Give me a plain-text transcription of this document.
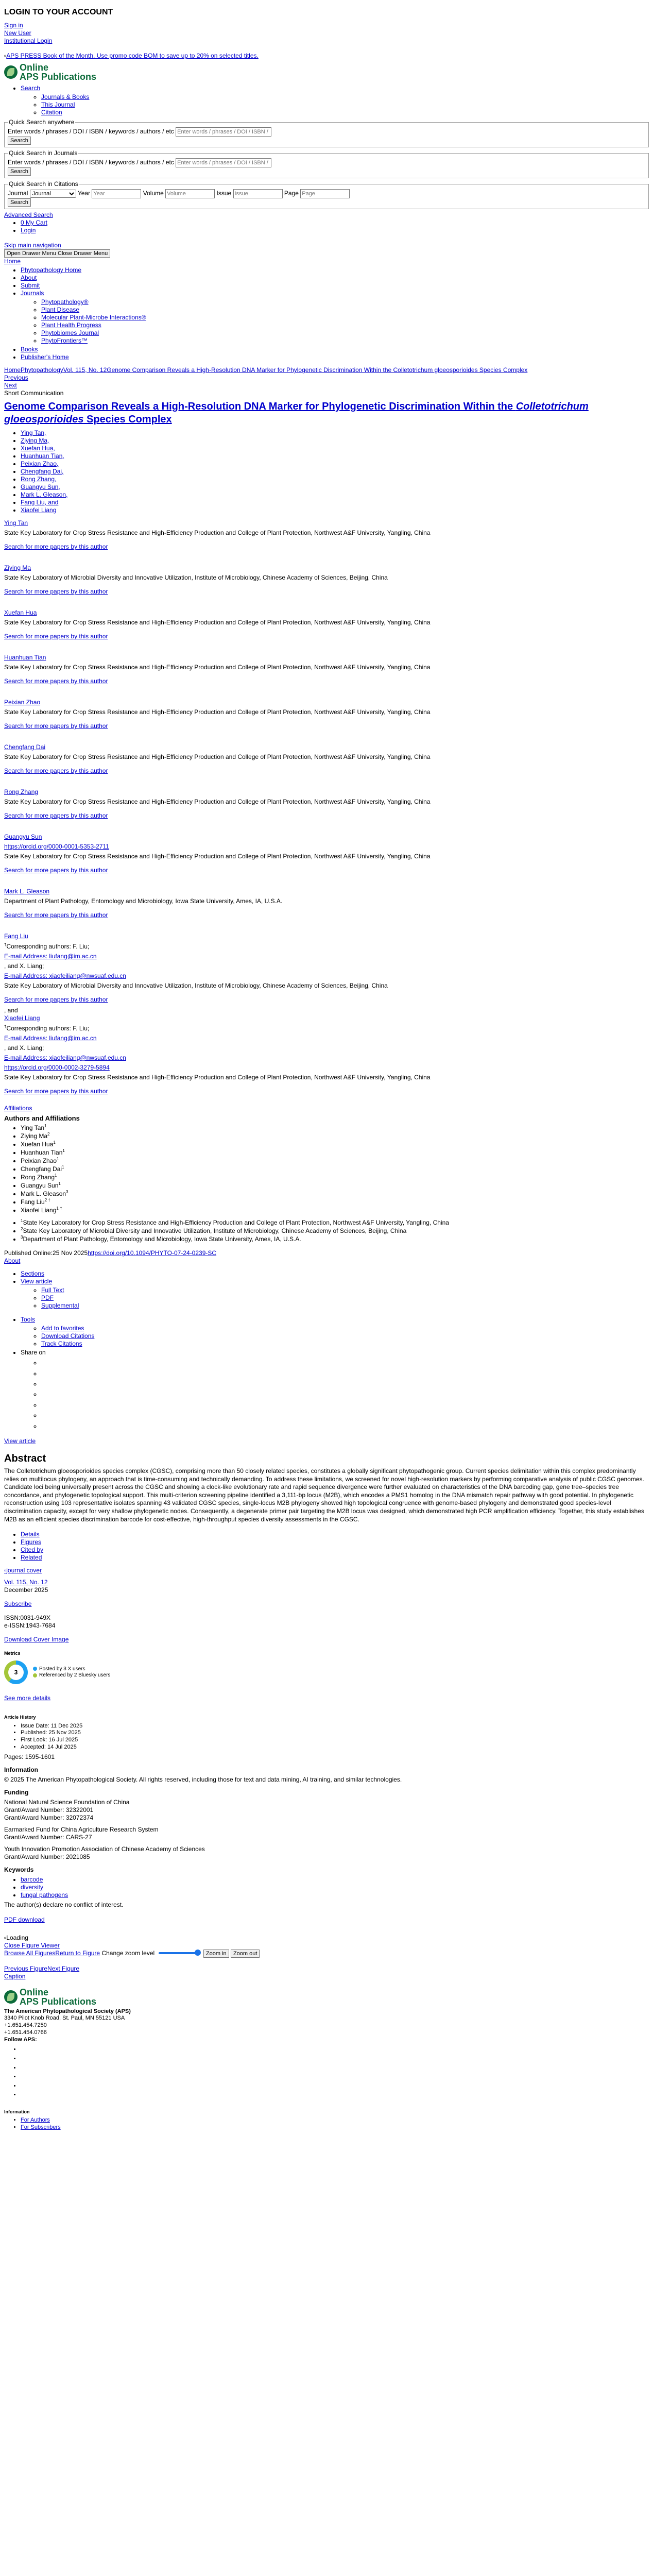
LOGIN TO YOUR ACCOUNT
Sign in
New User
Institutional Login
▫APS PRESS Book of the Month. Use promo code BOM to save up to 20% on selected titles.
Online
APS Publications
• Search
◦ Journals & Books
◦ This Journal
◦ Citation
Quick Search anywhere
Enter words / phrases / DOI / ISBN / keywords / authors / etc Enter words / phrases / DOI / ISBN / keywords / authors / etc
Search
Quick Search in Journals
Enter words / phrases / DOI / ISBN / keywords / authors / etc Enter words / phrases / DOI / ISBN / keywords / authors / etc
Search
Quick Search in Citations
Journal
Journal	Year Year	Volume Volume	Issue Issue	Page Page
Search
Advanced Search
• 0 My Cart
• Login
Skip main navigation
Open Drawer Menu Close Drawer Menu
Home
• Phytopathology Home
• About
• Submit
• Journals
◦ Phytopathology®
◦ Plant Disease
◦ Molecular Plant-Microbe Interactions®
◦ Plant Health Progress
◦ Phytobiomes Journal
◦ PhytoFrontiers™
• Books
• Publisher's Home
HomePhytopathologyVol. 115, No. 12Genome Comparison Reveals a High-Resolution DNA Marker for Phylogenetic Discrimination Within the Colletotrichum gloeosporioides Species Complex
Previous
Next
Short Communication
Genome Comparison Reveals a High-Resolution DNA Marker for Phylogenetic Discrimination Within the Colletotrichum gloeosporioides Species Complex
• Ying Tan,
• Ziying Ma,
• Xuefan Hua,
• Huanhuan Tian,
• Peixian Zhao,
• Chengfang Dai,
• Rong Zhang,
• Guangyu Sun,
• Mark L. Gleason,
• Fang Liu, and
• Xiaofei Liang
Ying Tan

State Key Laboratory for Crop Stress Resistance and High-Efficiency Production and College of Plant Protection, Northwest A&F University, Yangling, China

Search for more papers by this author
Ziying Ma

State Key Laboratory of Microbial Diversity and Innovative Utilization, Institute of Microbiology, Chinese Academy of Sciences, Beijing, China

Search for more papers by this author
Xuefan Hua

State Key Laboratory for Crop Stress Resistance and High-Efficiency Production and College of Plant Protection, Northwest A&F University, Yangling, China

Search for more papers by this author
Huanhuan Tian

State Key Laboratory for Crop Stress Resistance and High-Efficiency Production and College of Plant Protection, Northwest A&F University, Yangling, China

Search for more papers by this author
Peixian Zhao

State Key Laboratory for Crop Stress Resistance and High-Efficiency Production and College of Plant Protection, Northwest A&F University, Yangling, China

Search for more papers by this author
Chengfang Dai

State Key Laboratory for Crop Stress Resistance and High-Efficiency Production and College of Plant Protection, Northwest A&F University, Yangling, China

Search for more papers by this author
Rong Zhang

State Key Laboratory for Crop Stress Resistance and High-Efficiency Production and College of Plant Protection, Northwest A&F University, Yangling, China

Search for more papers by this author
Guangyu Sun

https://orcid.org/0000-0001-5353-2711

State Key Laboratory for Crop Stress Resistance and High-Efficiency Production and College of Plant Protection, Northwest A&F University, Yangling, China

Search for more papers by this author
Mark L. Gleason

Department of Plant Pathology, Entomology and Microbiology, Iowa State University, Ames, IA, U.S.A.

Search for more papers by this author
Fang Liu

†Corresponding authors: F. Liu;

E-mail Address: liufang@im.ac.cn

, and X. Liang;

E-mail Address: xiaofeiliang@nwsuaf.edu.cn

State Key Laboratory of Microbial Diversity and Innovative Utilization, Institute of Microbiology, Chinese Academy of Sciences, Beijing, China

Search for more papers by this author

, and

Xiaofei Liang

†Corresponding authors: F. Liu;

E-mail Address: liufang@im.ac.cn

, and X. Liang;

E-mail Address: xiaofeiliang@nwsuaf.edu.cn

https://orcid.org/0000-0002-3279-5894

State Key Laboratory for Crop Stress Resistance and High-Efficiency Production and College of Plant Protection, Northwest A&F University, Yangling, China

Search for more papers by this author
Affiliations
Authors and Affiliations
• Ying Tan$^1$
• Ziying Ma$^2$
• Xuefan Hua$^1$
• Huanhuan Tian$^1$
• Peixian Zhao$^1$
• Chengfang Dai$^1$
• Rong Zhang$^1$
• Guangyu Sun$^1$
• Mark L. Gleason$^3$
• Fang Liu$^{2 \dagger}$
• Xiaofei Liang$^{1 \dagger}$
• $^1$State Key Laboratory for Crop Stress Resistance and High-Efficiency Production and College of Plant Protection, Northwest A&F University, Yangling, China
• $^2$State Key Laboratory of Microbial Diversity and Innovative Utilization, Institute of Microbiology, Chinese Academy of Sciences, Beijing, China
• $^3$Department of Plant Pathology, Entomology and Microbiology, Iowa State University, Ames, IA, U.S.A.
Published Online:25 Nov 2025https://doi.org/10.1094/PHYTO-07-24-0239-SC
About
• Sections
• View article
◦ Full Text
◦ PDF
◦ Supplemental
• Tools
◦ Add to favorites
◦ Download Citations
◦ Track Citations
• Share on
◦
◦
◦
◦
◦
◦
◦
View article
Abstract

The Colletotrichum gloeosporioides species complex (CGSC), comprising more than 50 closely related species, constitutes a globally significant phytopathogenic group. Current species delimitation within this complex predominantly relies on multilocus phylogeny, an approach that is time-consuming and technically demanding. To address these limitations, we screened for novel high-resolution markers by performing comparative analysis of public CGSC genomes. Candidate loci being universally present across the CGSC and showing a clock-like evolutionary rate and rapid sequence divergence were further evaluated on characteristics of the DNA barcoding gap, gene tree–species tree concordance, and phylogenetic topological support. This multi-criterion screening pipeline identified a 3,111-bp locus (M2B), which encodes a PMS1 homolog in the DNA mismatch repair pathway with good potential. In phylogenetic reconstruction using 103 representative isolates spanning 43 validated CGSC species, single-locus M2B phylogeny showed high topological congruence with genome-based phylogeny and demonstrated good species-level discrimination capacity, except for very shallow phylogenetic nodes. Consequently, a degenerate primer pair targeting the M2B locus was designed, which demonstrated high PCR amplification efficiency. Together, this study establishes M2B as an efficient species discrimination barcode for cost-effective, high-throughput species diversity assessments in the CGSC.

• Details
• Figures
• Cited by
• Related
▫journal cover
Vol. 115, No. 12
December 2025
Subscribe
ISSN:0031-949X
e-ISSN:1943-7684
Download Cover Image
Metrics
3
Posted by 3 X users
Referenced by 2 Bluesky users
See more details
Article History
• Issue Date: 11 Dec 2025
• Published: 25 Nov 2025
• First Look: 16 Jul 2025
• Accepted: 14 Jul 2025
Pages: 1595-1601
Information

© 2025 The American Phytopathological Society. All rights reserved, including those for text and data mining, AI training, and similar technologies.

Funding
National Natural Science Foundation of China
Grant/Award Number: 32322001
Grant/Award Number: 32072374
Earmarked Fund for China Agriculture Research System
Grant/Award Number: CARS-27
Youth Innovation Promotion Association of Chinese Academy of Sciences
Grant/Award Number: 2021085
Keywords
• barcode
• diversity
• fungal pathogens

The author(s) declare no conflict of interest.

PDF download
▫Loading
Close Figure Viewer
Browse All FiguresReturn to Figure Change zoom level	Zoom in Zoom out
Previous FigureNext Figure
Caption
Online
APS Publications
The American Phytopathological Society (APS)
3340 Pilot Knob Road, St. Paul, MN 55121 USA
+1.651.454.7250
+1.651.454.0766
Follow APS:
•
•
•
•
•
•
Information
• For Authors
• For Subscribers
